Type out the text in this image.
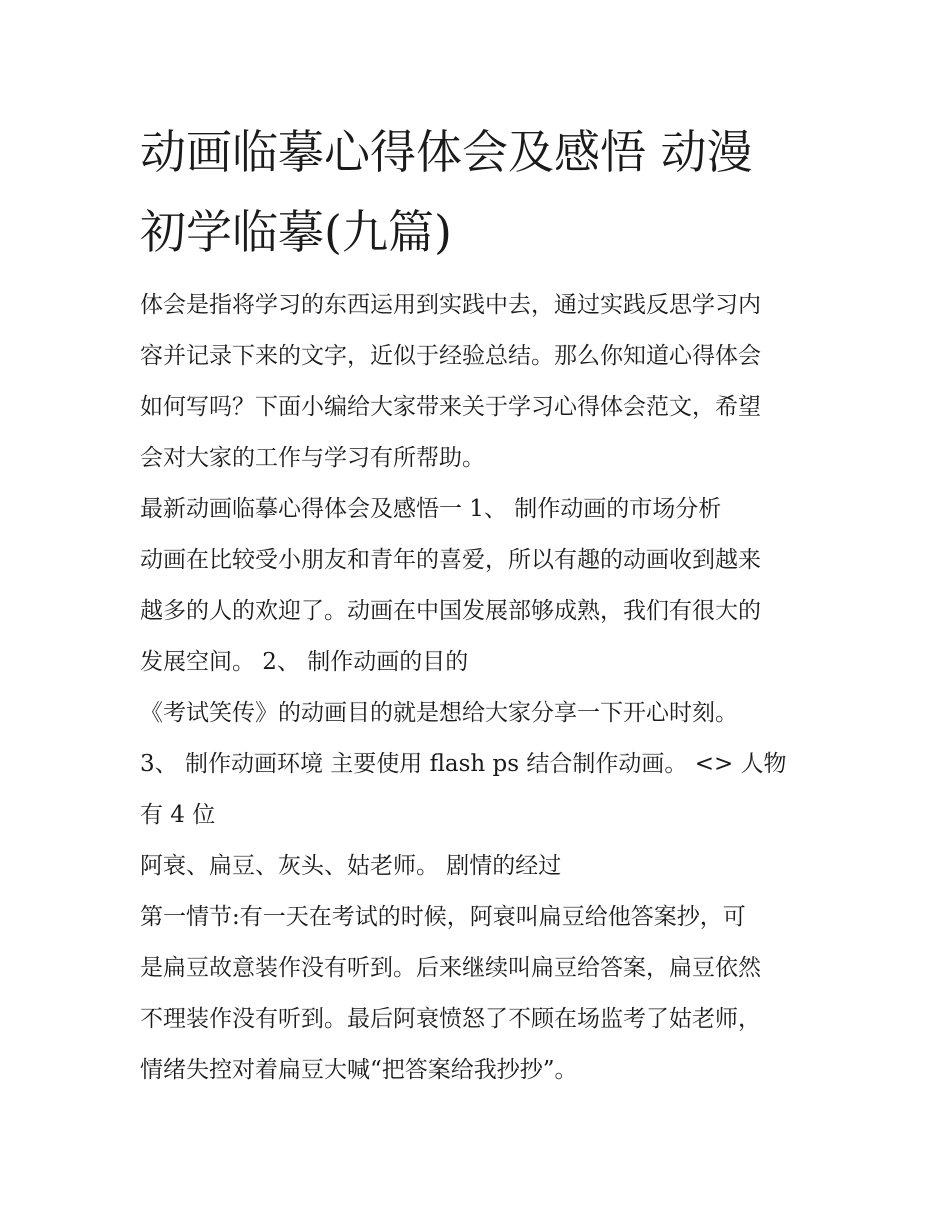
动画临摹心得体会及感悟 动漫
初学临摹(九篇)

体会是指将学习的东西运用到实践中去，通过实践反思学习内

容并记录下来的文字，近似于经验总结。那么你知道心得体会

如何写吗？下面小编给大家带来关于学习心得体会范文，希望

会对大家的工作与学习有所帮助。

最新动画临摹心得体会及感悟一 1、 制作动画的市场分析

动画在比较受小朋友和青年的喜爱，所以有趣的动画收到越来

越多的人的欢迎了。动画在中国发展部够成熟，我们有很大的

发展空间。 2、 制作动画的目的

《考试笑传》的动画目的就是想给大家分享一下开心时刻。

3、 制作动画环境 主要使用 flash ps 结合制作动画。 <> 人物

有 4 位

阿衰、扁豆、灰头、姑老师。 剧情的经过

第一情节:有一天在考试的时候，阿衰叫扁豆给他答案抄，可

是扁豆故意装作没有听到。后来继续叫扁豆给答案，扁豆依然

不理装作没有听到。最后阿衰愤怒了不顾在场监考了姑老师，

情绪失控对着扁豆大喊“把答案给我抄抄”。
